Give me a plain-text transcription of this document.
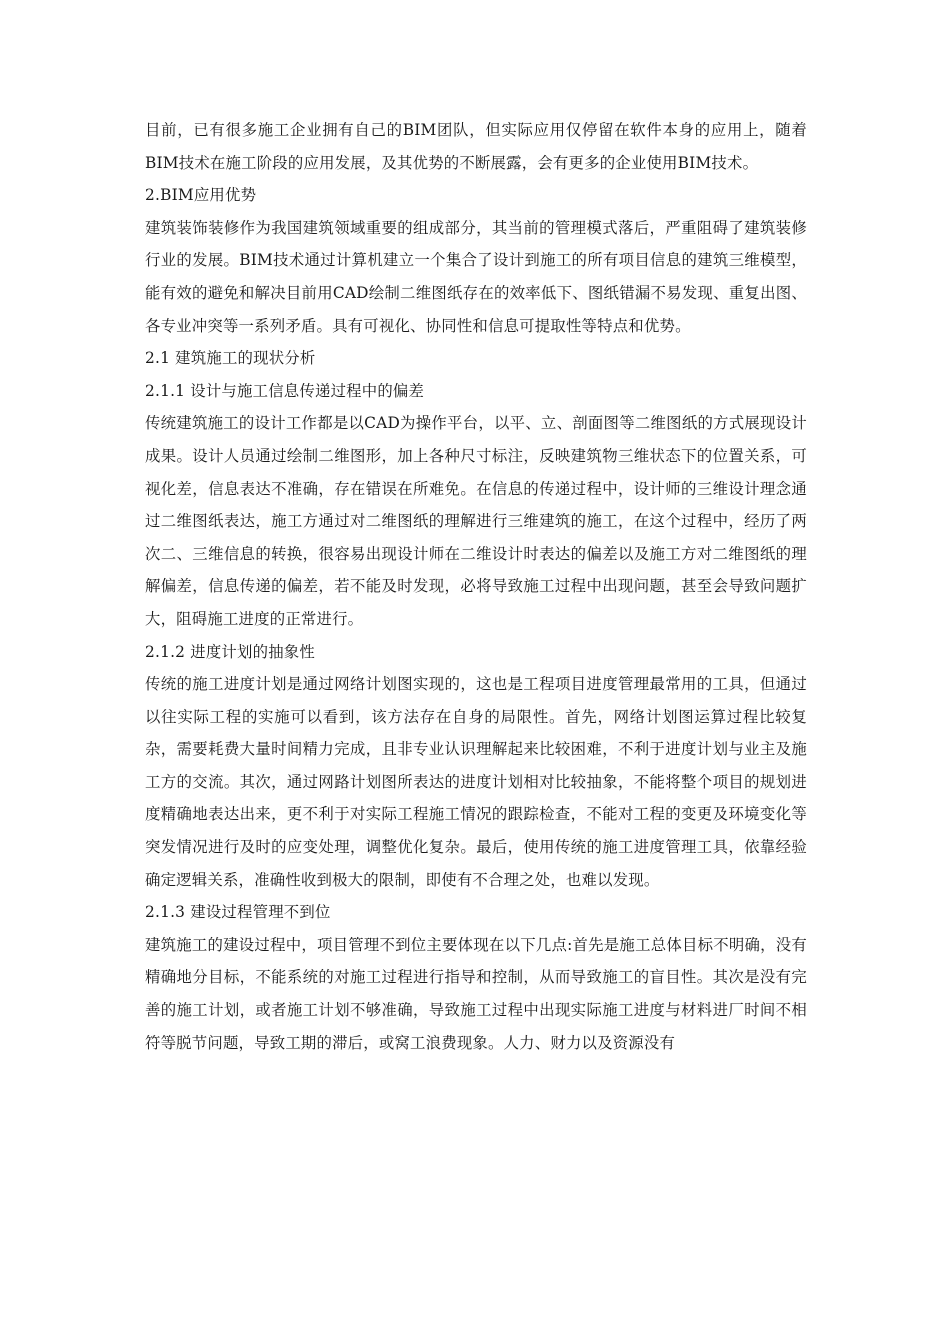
目前，已有很多施工企业拥有自己的BIM团队，但实际应用仅停留在软件本身的应用上，随着BIM技术在施工阶段的应用发展，及其优势的不断展露，会有更多的企业使用BIM技术。

2.BIM应用优势

建筑装饰装修作为我国建筑领域重要的组成部分，其当前的管理模式落后，严重阻碍了建筑装修行业的发展。BIM技术通过计算机建立一个集合了设计到施工的所有项目信息的建筑三维模型，能有效的避免和解决目前用CAD绘制二维图纸存在的效率低下、图纸错漏不易发现、重复出图、各专业冲突等一系列矛盾。具有可视化、协同性和信息可提取性等特点和优势。

2.1 建筑施工的现状分析

2.1.1 设计与施工信息传递过程中的偏差

传统建筑施工的设计工作都是以CAD为操作平台，以平、立、剖面图等二维图纸的方式展现设计成果。设计人员通过绘制二维图形，加上各种尺寸标注，反映建筑物三维状态下的位置关系，可视化差，信息表达不准确，存在错误在所难免。在信息的传递过程中，设计师的三维设计理念通过二维图纸表达，施工方通过对二维图纸的理解进行三维建筑的施工，在这个过程中，经历了两次二、三维信息的转换，很容易出现设计师在二维设计时表达的偏差以及施工方对二维图纸的理解偏差，信息传递的偏差，若不能及时发现，必将导致施工过程中出现问题，甚至会导致问题扩大，阻碍施工进度的正常进行。

2.1.2 进度计划的抽象性

传统的施工进度计划是通过网络计划图实现的，这也是工程项目进度管理最常用的工具，但通过以往实际工程的实施可以看到，该方法存在自身的局限性。首先，网络计划图运算过程比较复杂，需要耗费大量时间精力完成，且非专业认识理解起来比较困难，不利于进度计划与业主及施工方的交流。其次，通过网路计划图所表达的进度计划相对比较抽象，不能将整个项目的规划进度精确地表达出来，更不利于对实际工程施工情况的跟踪检查，不能对工程的变更及环境变化等突发情况进行及时的应变处理，调整优化复杂。最后，使用传统的施工进度管理工具，依靠经验确定逻辑关系，准确性收到极大的限制，即使有不合理之处，也难以发现。

2.1.3 建设过程管理不到位

建筑施工的建设过程中，项目管理不到位主要体现在以下几点:首先是施工总体目标不明确，没有精确地分目标，不能系统的对施工过程进行指导和控制，从而导致施工的盲目性。其次是没有完善的施工计划，或者施工计划不够准确，导致施工过程中出现实际施工进度与材料进厂时间不相符等脱节问题，导致工期的滞后，或窝工浪费现象。人力、财力以及资源没有
